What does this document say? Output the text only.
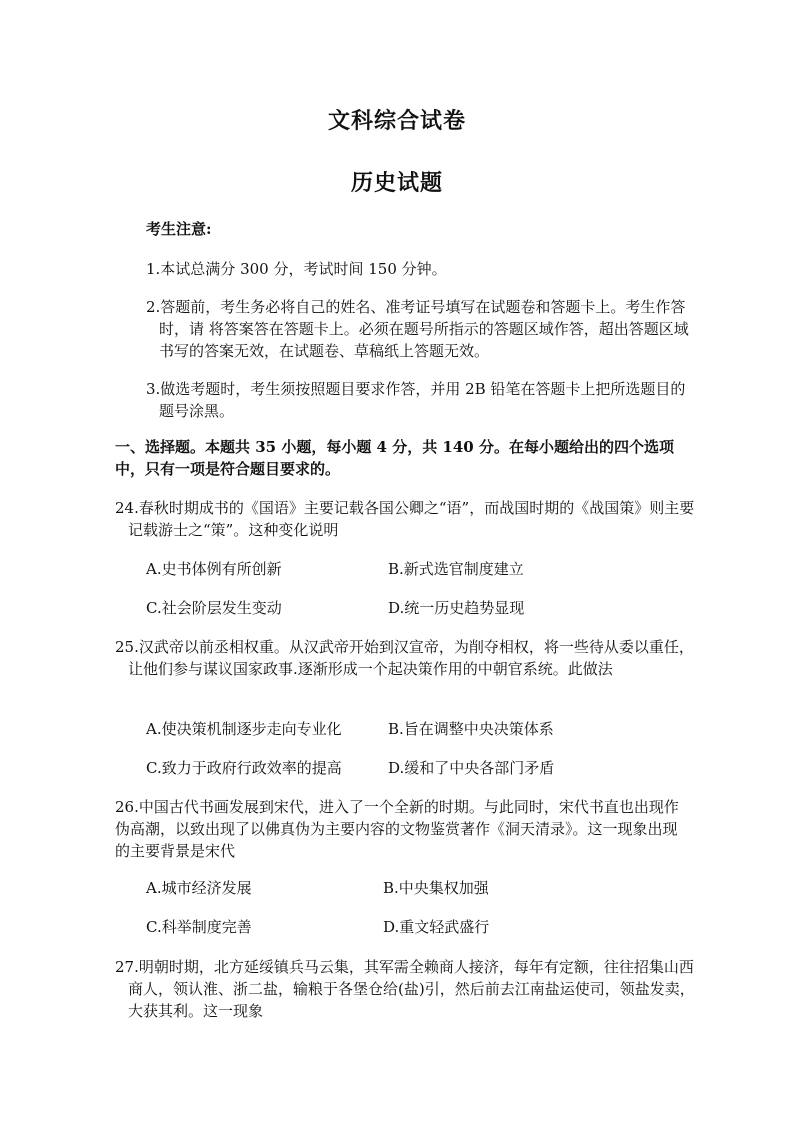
文科综合试卷
历史试题
考生注意:
1.本试总满分 300 分，考试时间 150 分钟。
2.答题前，考生务必将自己的姓名、准考证号填写在试题卷和答题卡上。考生作答时，请 将答案答在答题卡上。必须在题号所指示的答题区域作答，超出答题区域书写的答案无效，在试题卷、草稿纸上答题无效。
3.做选考题时，考生须按照题目要求作答，并用 2B 铅笔在答题卡上把所选题目的题号涂黑。
一、选择题。本题共 35 小题，每小题 4 分，共 140 分。在每小题给出的四个选项中，只有一项是符合题目要求的。
24.春秋时期成书的《国语》主要记载各国公卿之“语”，而战国时期的《战国策》则主要记载游士之“策”。这种变化说明
A.史书体例有所创新	B.新式选官制度建立
C.社会阶层发生变动	D.统一历史趋势显现
25.汉武帝以前丞相权重。从汉武帝开始到汉宣帝，为削夺相权，将一些待从委以重任，让他们参与谋议国家政事.逐渐形成一个起决策作用的中朝官系统。此做法
A.使决策机制逐步走向专业化	B.旨在调整中央决策体系
C.致力于政府行政效率的提高	D.缓和了中央各部门矛盾
26.中国古代书画发展到宋代，进入了一个全新的时期。与此同时，宋代书直也出现作伪高潮，以致出现了以佛真伪为主要内容的文物鉴赏著作《洞天清录》。这一现象出现的主要背景是宋代
A.城市经济发展	B.中央集权加强
C.科举制度完善	D.重文轻武盛行
27.明朝时期，北方延绥镇兵马云集，其军需全赖商人接济，每年有定额，往往招集山西商人，领认淮、浙二盐，输粮于各堡仓给(盐)引，然后前去江南盐运使司，领盐发卖，大获其利。这一现象
